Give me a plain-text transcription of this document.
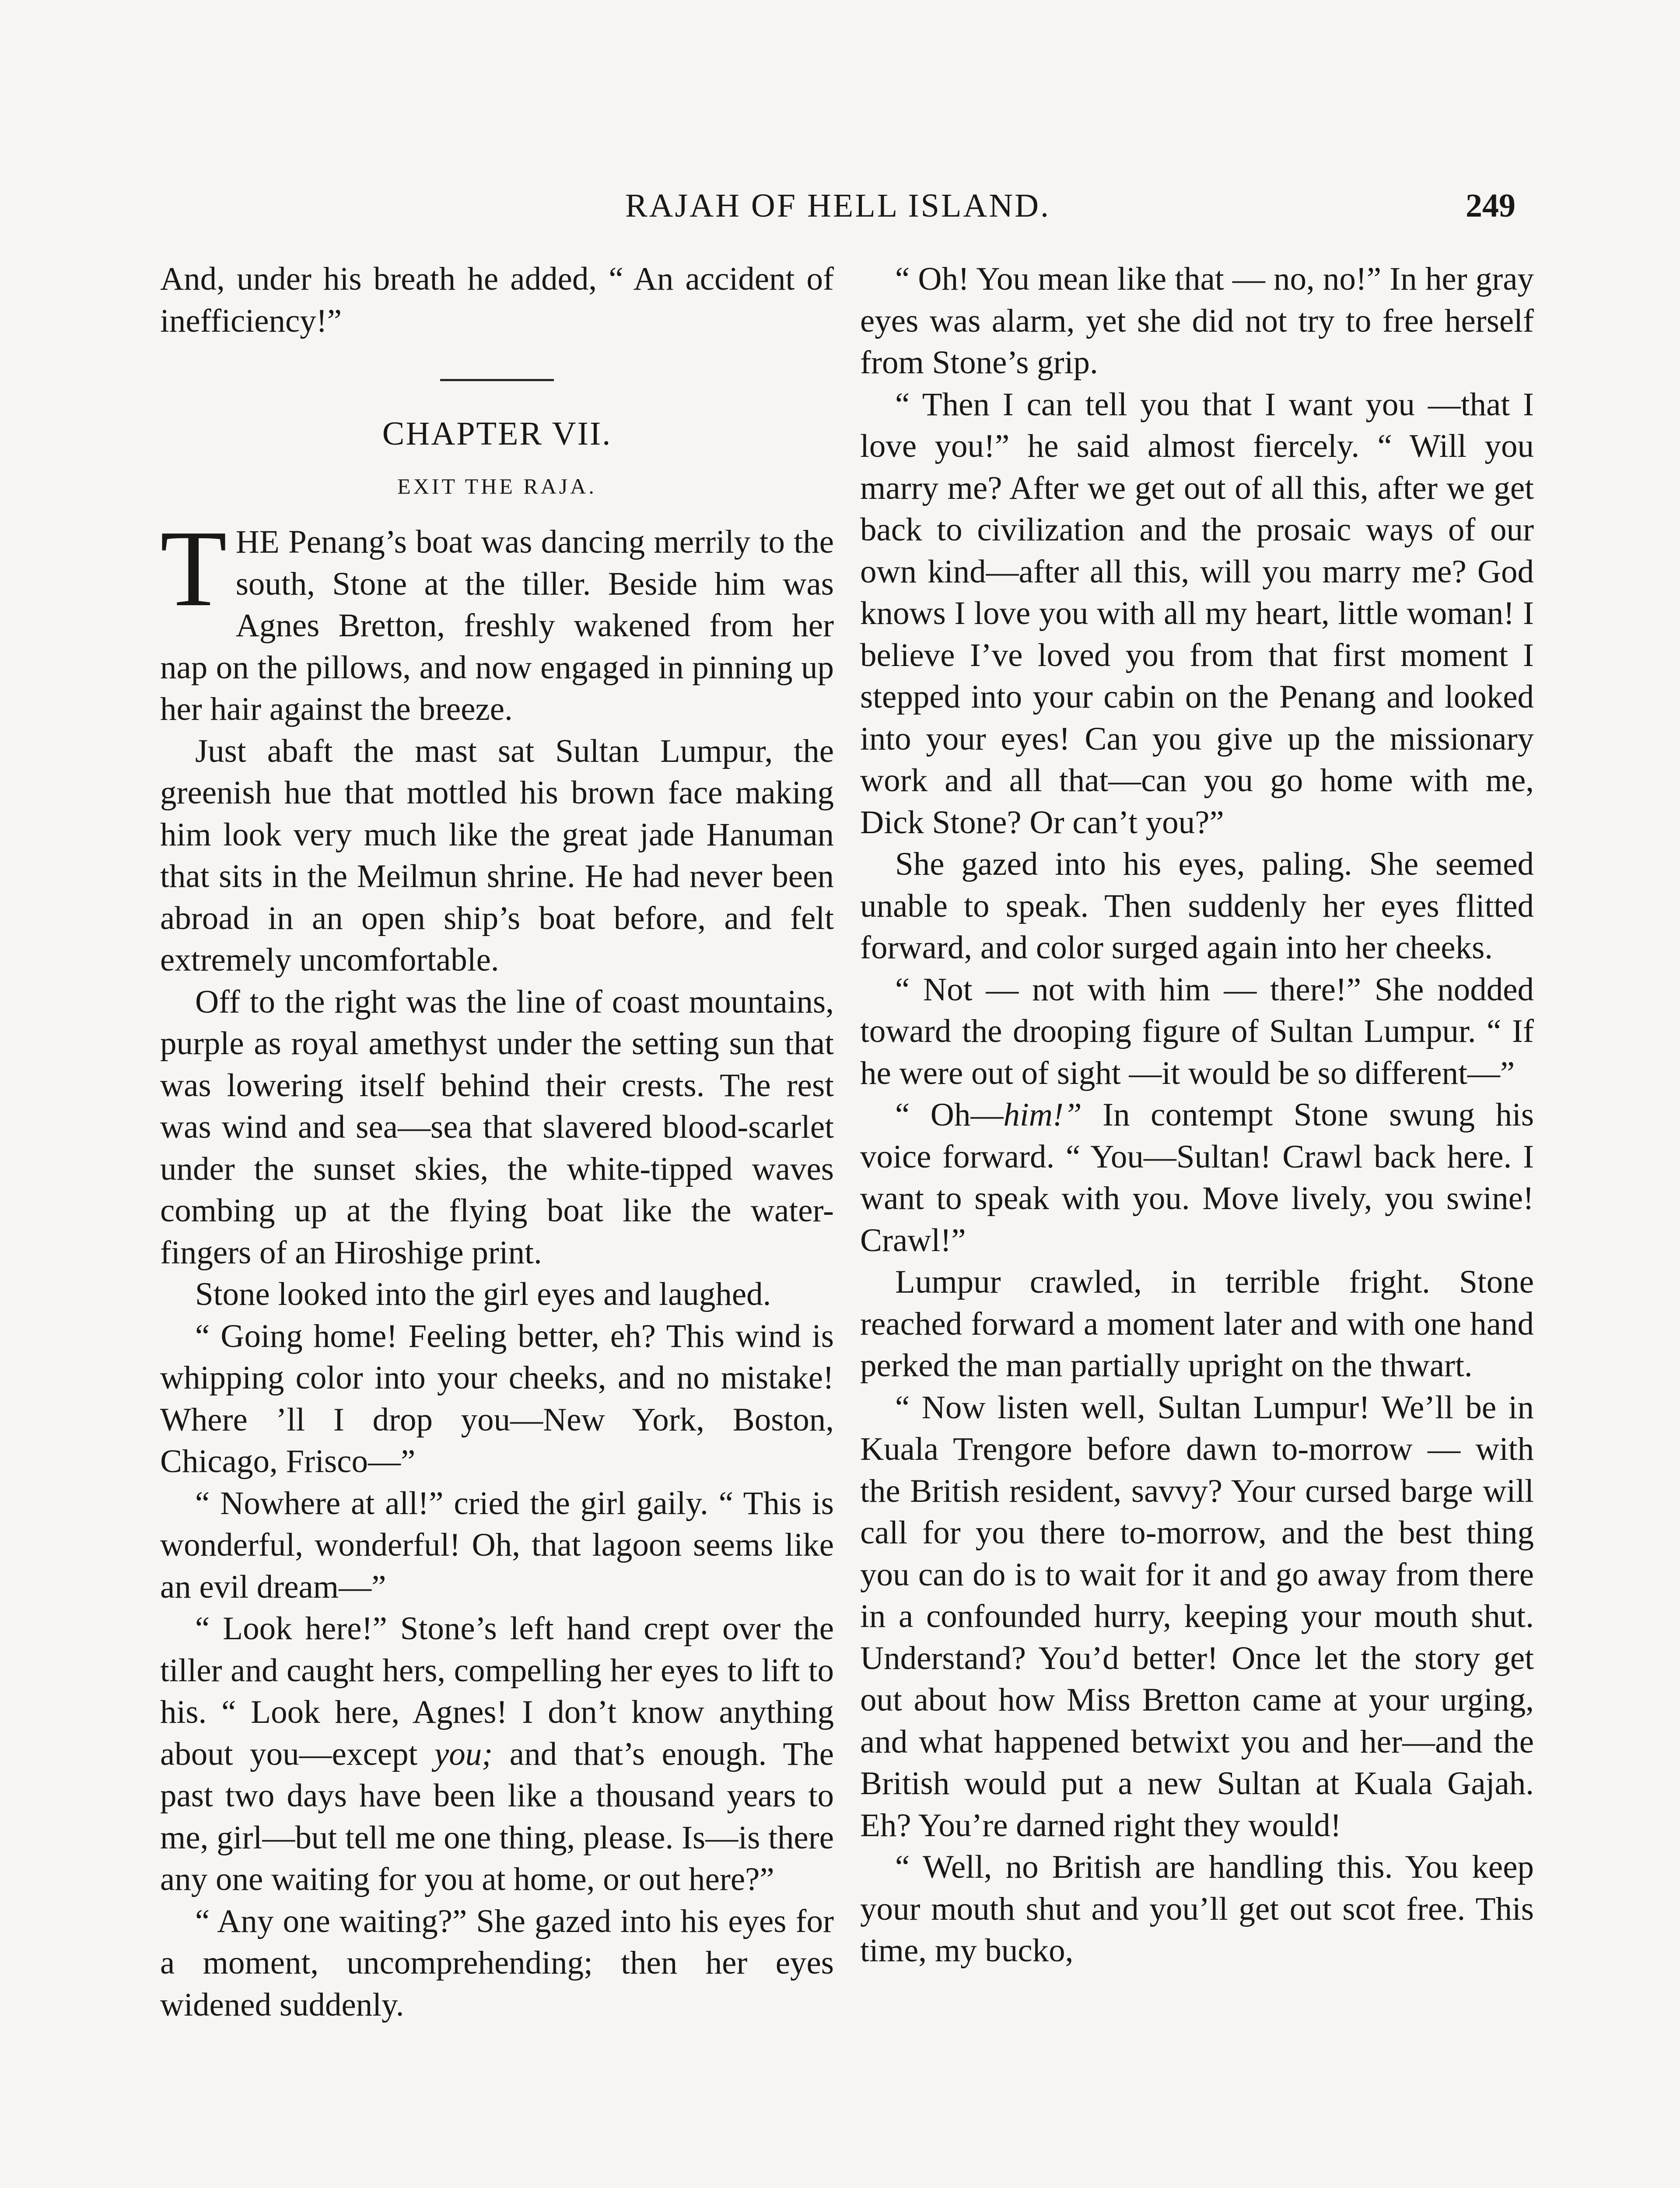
RAJAH OF HELL ISLAND.	249

And, under his breath he added, “ An accident of inefficiency!”

CHAPTER VII.
EXIT THE RAJA.

THE Penang’s boat was dancing merrily to the south, Stone at the tiller. Beside him was Agnes Bretton, freshly wakened from her nap on the pillows, and now engaged in pinning up her hair against the breeze.

Just abaft the mast sat Sultan Lumpur, the greenish hue that mottled his brown face making him look very much like the great jade Hanuman that sits in the Meilmun shrine. He had never been abroad in an open ship’s boat before, and felt extremely uncomfortable.

Off to the right was the line of coast mountains, purple as royal amethyst under the setting sun that was lowering itself behind their crests. The rest was wind and sea—sea that slavered blood-scarlet under the sunset skies, the white-tipped waves combing up at the flying boat like the water-fingers of an Hiroshige print.

Stone looked into the girl eyes and laughed.

“ Going home! Feeling better, eh? This wind is whipping color into your cheeks, and no mistake! Where ’ll I drop you—New York, Boston, Chicago, Frisco—”

“ Nowhere at all!” cried the girl gaily. “ This is wonderful, wonderful! Oh, that lagoon seems like an evil dream—”

“ Look here!” Stone’s left hand crept over the tiller and caught hers, compelling her eyes to lift to his. “ Look here, Agnes! I don’t know anything about you—except you; and that’s enough. The past two days have been like a thousand years to me, girl—but tell me one thing, please. Is—is there any one waiting for you at home, or out here?”

“ Any one waiting?” She gazed into his eyes for a moment, uncomprehending; then her eyes widened suddenly.

“ Oh! You mean like that — no, no!” In her gray eyes was alarm, yet she did not try to free herself from Stone’s grip.

“ Then I can tell you that I want you —that I love you!” he said almost fiercely. “ Will you marry me? After we get out of all this, after we get back to civilization and the prosaic ways of our own kind—after all this, will you marry me? God knows I love you with all my heart, little woman! I believe I’ve loved you from that first moment I stepped into your cabin on the Penang and looked into your eyes! Can you give up the missionary work and all that—can you go home with me, Dick Stone? Or can’t you?”

She gazed into his eyes, paling. She seemed unable to speak. Then suddenly her eyes flitted forward, and color surged again into her cheeks.

“ Not — not with him — there!” She nodded toward the drooping figure of Sultan Lumpur. “ If he were out of sight —it would be so different—”

“ Oh—him!” In contempt Stone swung his voice forward. “ You—Sultan! Crawl back here. I want to speak with you. Move lively, you swine! Crawl!”

Lumpur crawled, in terrible fright. Stone reached forward a moment later and with one hand perked the man partially upright on the thwart.

“ Now listen well, Sultan Lumpur! We’ll be in Kuala Trengore before dawn to-morrow — with the British resident, savvy? Your cursed barge will call for you there to-morrow, and the best thing you can do is to wait for it and go away from there in a confounded hurry, keeping your mouth shut. Understand? You’d better! Once let the story get out about how Miss Bretton came at your urging, and what happened betwixt you and her—and the British would put a new Sultan at Kuala Gajah. Eh? You’re darned right they would!

“ Well, no British are handling this. You keep your mouth shut and you’ll get out scot free. This time, my bucko,
